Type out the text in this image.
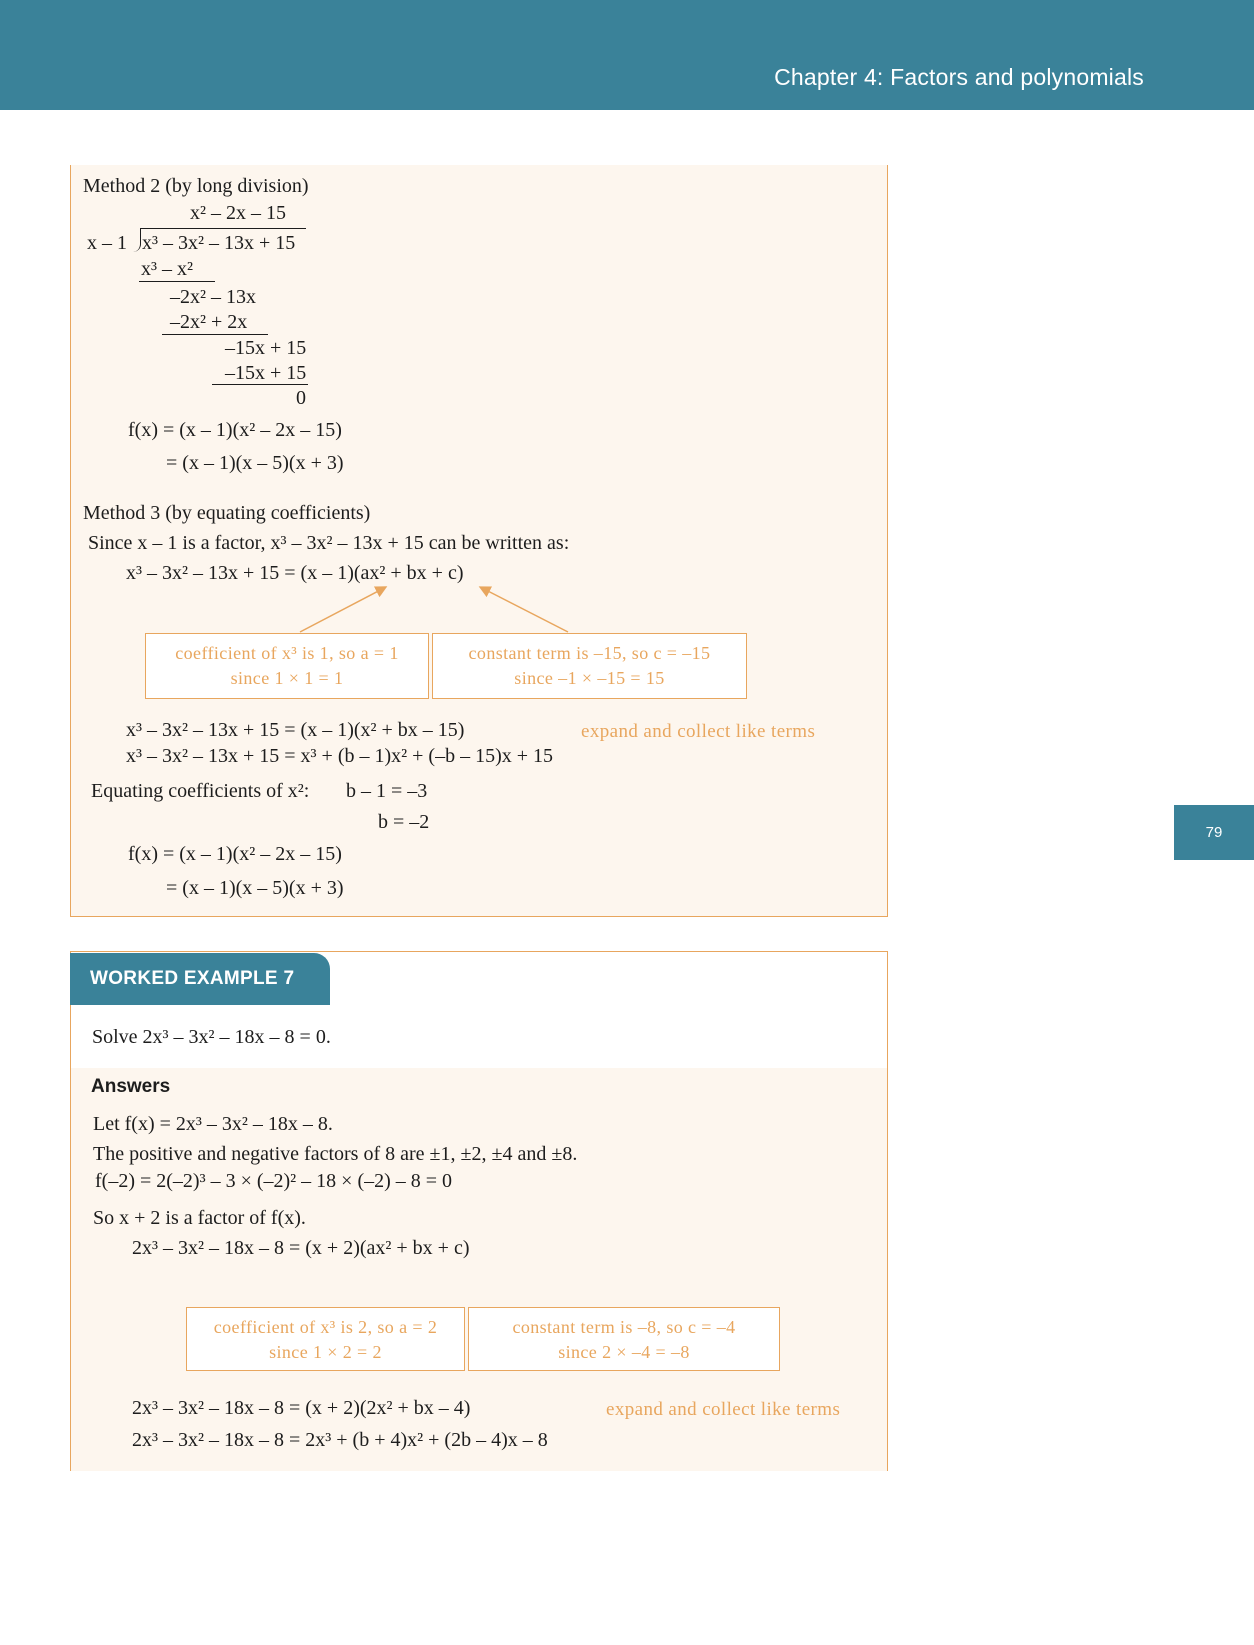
Chapter 4: Factors and polynomials
79
Method 2 (by long division)
x² – 2x – 15
x – 1 x³ – 3x² – 13x + 15
x³ – x²
–2x² – 13x
–2x² + 2x
–15x + 15
–15x + 15
0
f(x) = (x – 1)(x² – 2x – 15)
= (x – 1)(x – 5)(x + 3)
Method 3 (by equating coefficients)
Since x – 1 is a factor, x³ – 3x² – 13x + 15 can be written as:
x³ – 3x² – 13x + 15 = (x – 1)(ax² + bx + c)
coefficient of x³ is 1, so a = 1
since 1 × 1 = 1
constant term is –15, so c = –15
since –1 × –15 = 15
x³ – 3x² – 13x + 15 = (x – 1)(x² + bx – 15)	expand and collect like terms
x³ – 3x² – 13x + 15 = x³ + (b – 1)x² + (–b – 15)x + 15
Equating coefficients of x²: b – 1 = –3
b = –2
f(x) = (x – 1)(x² – 2x – 15)
= (x – 1)(x – 5)(x + 3)
WORKED EXAMPLE 7
Solve 2x³ – 3x² – 18x – 8 = 0.
Answers
Let f(x) = 2x³ – 3x² – 18x – 8.
The positive and negative factors of 8 are ±1, ±2, ±4 and ±8.
f(–2) = 2(–2)³ – 3 × (–2)² – 18 × (–2) – 8 = 0
So x + 2 is a factor of f(x).
2x³ – 3x² – 18x – 8 = (x + 2)(ax² + bx + c)
coefficient of x³ is 2, so a = 2
since 1 × 2 = 2
constant term is –8, so c = –4
since 2 × –4 = –8
2x³ – 3x² – 18x – 8 = (x + 2)(2x² + bx – 4)	expand and collect like terms
2x³ – 3x² – 18x – 8 = 2x³ + (b + 4)x² + (2b – 4)x – 8
